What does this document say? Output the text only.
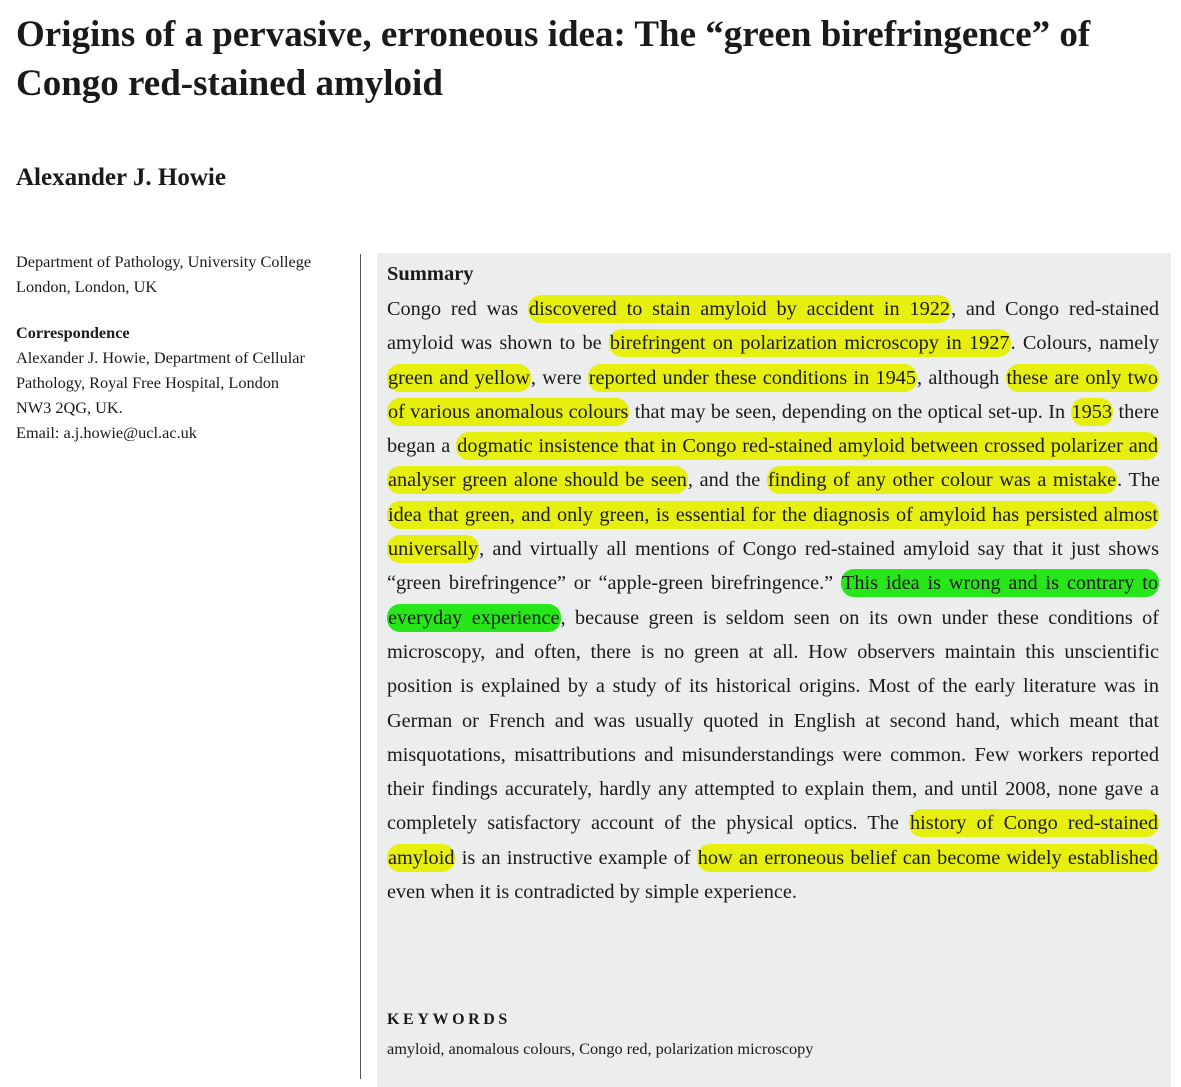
Origins of a pervasive, erroneous idea: The “green birefringence” of Congo red-stained amyloid
Alexander J. Howie

Department of Pathology, University College London, London, UK

Correspondence

Alexander J. Howie, Department of Cellular

Pathology, Royal Free Hospital, London

NW3 2QG, UK.

Email: a.j.howie@ucl.ac.uk

Summary

Congo red was discovered to stain amyloid by accident in 1922, and Congo red-stained amyloid was shown to be birefringent on polarization microscopy in 1927. Colours, namely green and yellow, were reported under these conditions in 1945, although these are only two of various anomalous colours that may be seen, depending on the optical set-up. In 1953 there began a dogmatic insistence that in Congo red-stained amyloid between crossed polarizer and analyser green alone should be seen, and the finding of any other colour was a mistake. The idea that green, and only green, is essential for the diagnosis of amyloid has persisted almost universally, and virtually all mentions of Congo red-stained amyloid say that it just shows “green birefringence” or “apple-green birefringence.” This idea is wrong and is contrary to everyday experience, because green is seldom seen on its own under these conditions of microscopy, and often, there is no green at all. How observers maintain this unscientific position is explained by a study of its historical origins. Most of the early literature was in German or French and was usually quoted in English at second hand, which meant that misquotations, misattributions and misunderstandings were common. Few workers reported their findings accurately, hardly any attempted to explain them, and until 2008, none gave a completely satisfactory account of the physical optics. The history of Congo red-stained amyloid is an instructive example of how an erroneous belief can become widely established even when it is contradicted by simple experience.

KEYWORDS
amyloid, anomalous colours, Congo red, polarization microscopy
